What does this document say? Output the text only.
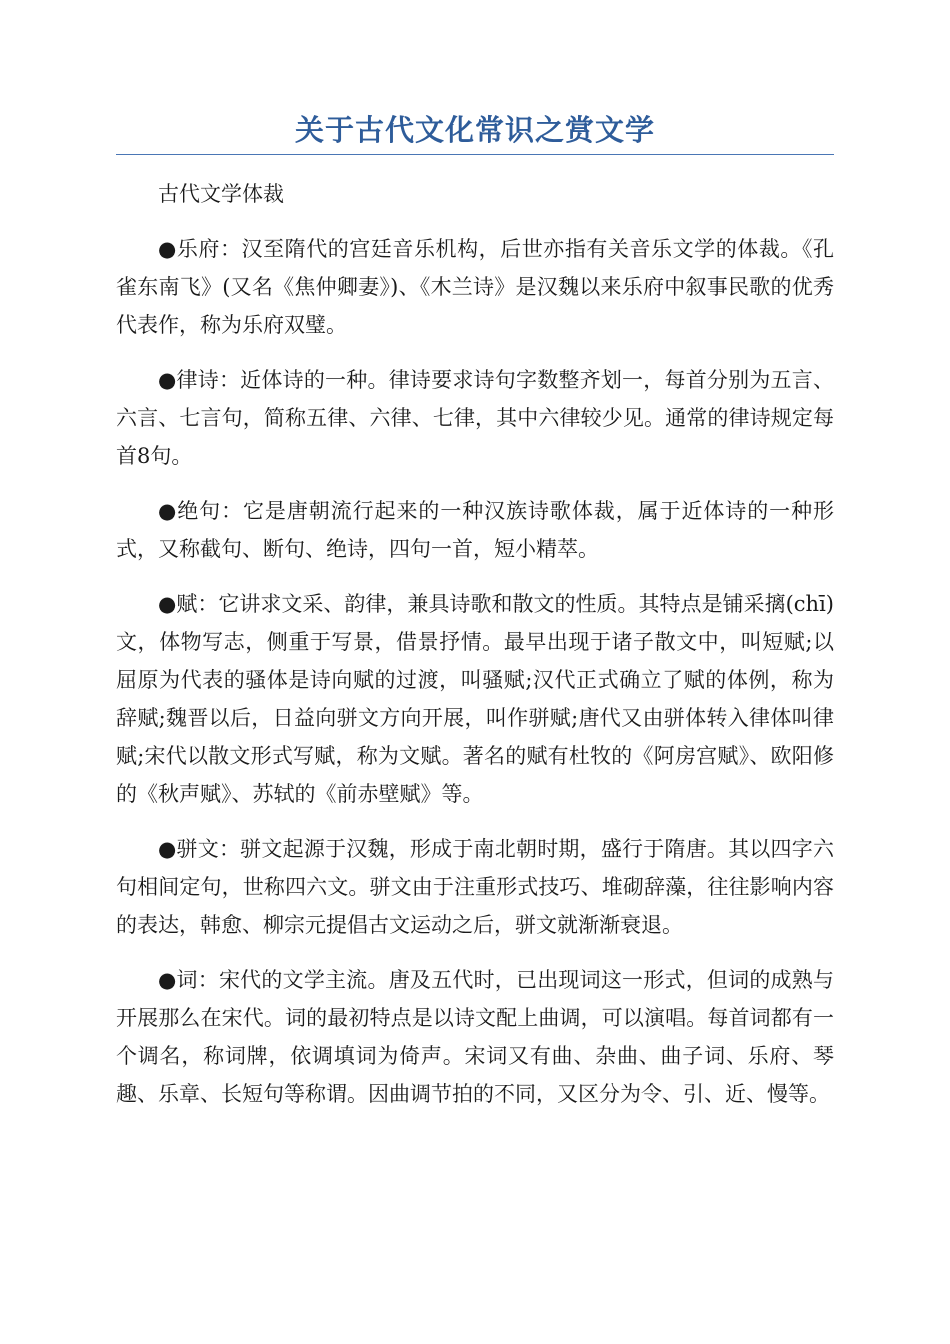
关于古代文化常识之赏文学

古代文学体裁

●乐府：汉至隋代的宫廷音乐机构，后世亦指有关音乐文学的体裁。《孔雀东南飞》(又名《焦仲卿妻》)、《木兰诗》是汉魏以来乐府中叙事民歌的优秀代表作，称为乐府双璧。

●律诗：近体诗的一种。律诗要求诗句字数整齐划一，每首分别为五言、六言、七言句，简称五律、六律、七律，其中六律较少见。通常的律诗规定每首8句。

●绝句：它是唐朝流行起来的一种汉族诗歌体裁，属于近体诗的一种形式，又称截句、断句、绝诗，四句一首，短小精萃。

●赋：它讲求文采、韵律，兼具诗歌和散文的性质。其特点是铺采摛(chī)文，体物写志，侧重于写景，借景抒情。最早出现于诸子散文中，叫短赋;以屈原为代表的骚体是诗向赋的过渡，叫骚赋;汉代正式确立了赋的体例，称为辞赋;魏晋以后，日益向骈文方向开展，叫作骈赋;唐代又由骈体转入律体叫律赋;宋代以散文形式写赋，称为文赋。著名的赋有杜牧的《阿房宫赋》、欧阳修的《秋声赋》、苏轼的《前赤壁赋》等。

●骈文：骈文起源于汉魏，形成于南北朝时期，盛行于隋唐。其以四字六句相间定句，世称四六文。骈文由于注重形式技巧、堆砌辞藻，往往影响内容的表达，韩愈、柳宗元提倡古文运动之后，骈文就渐渐衰退。

●词：宋代的文学主流。唐及五代时，已出现词这一形式，但词的成熟与开展那么在宋代。词的最初特点是以诗文配上曲调，可以演唱。每首词都有一个调名，称词牌，依调填词为倚声。宋词又有曲、杂曲、曲子词、乐府、琴趣、乐章、长短句等称谓。因曲调节拍的不同，又区分为令、引、近、慢等。
